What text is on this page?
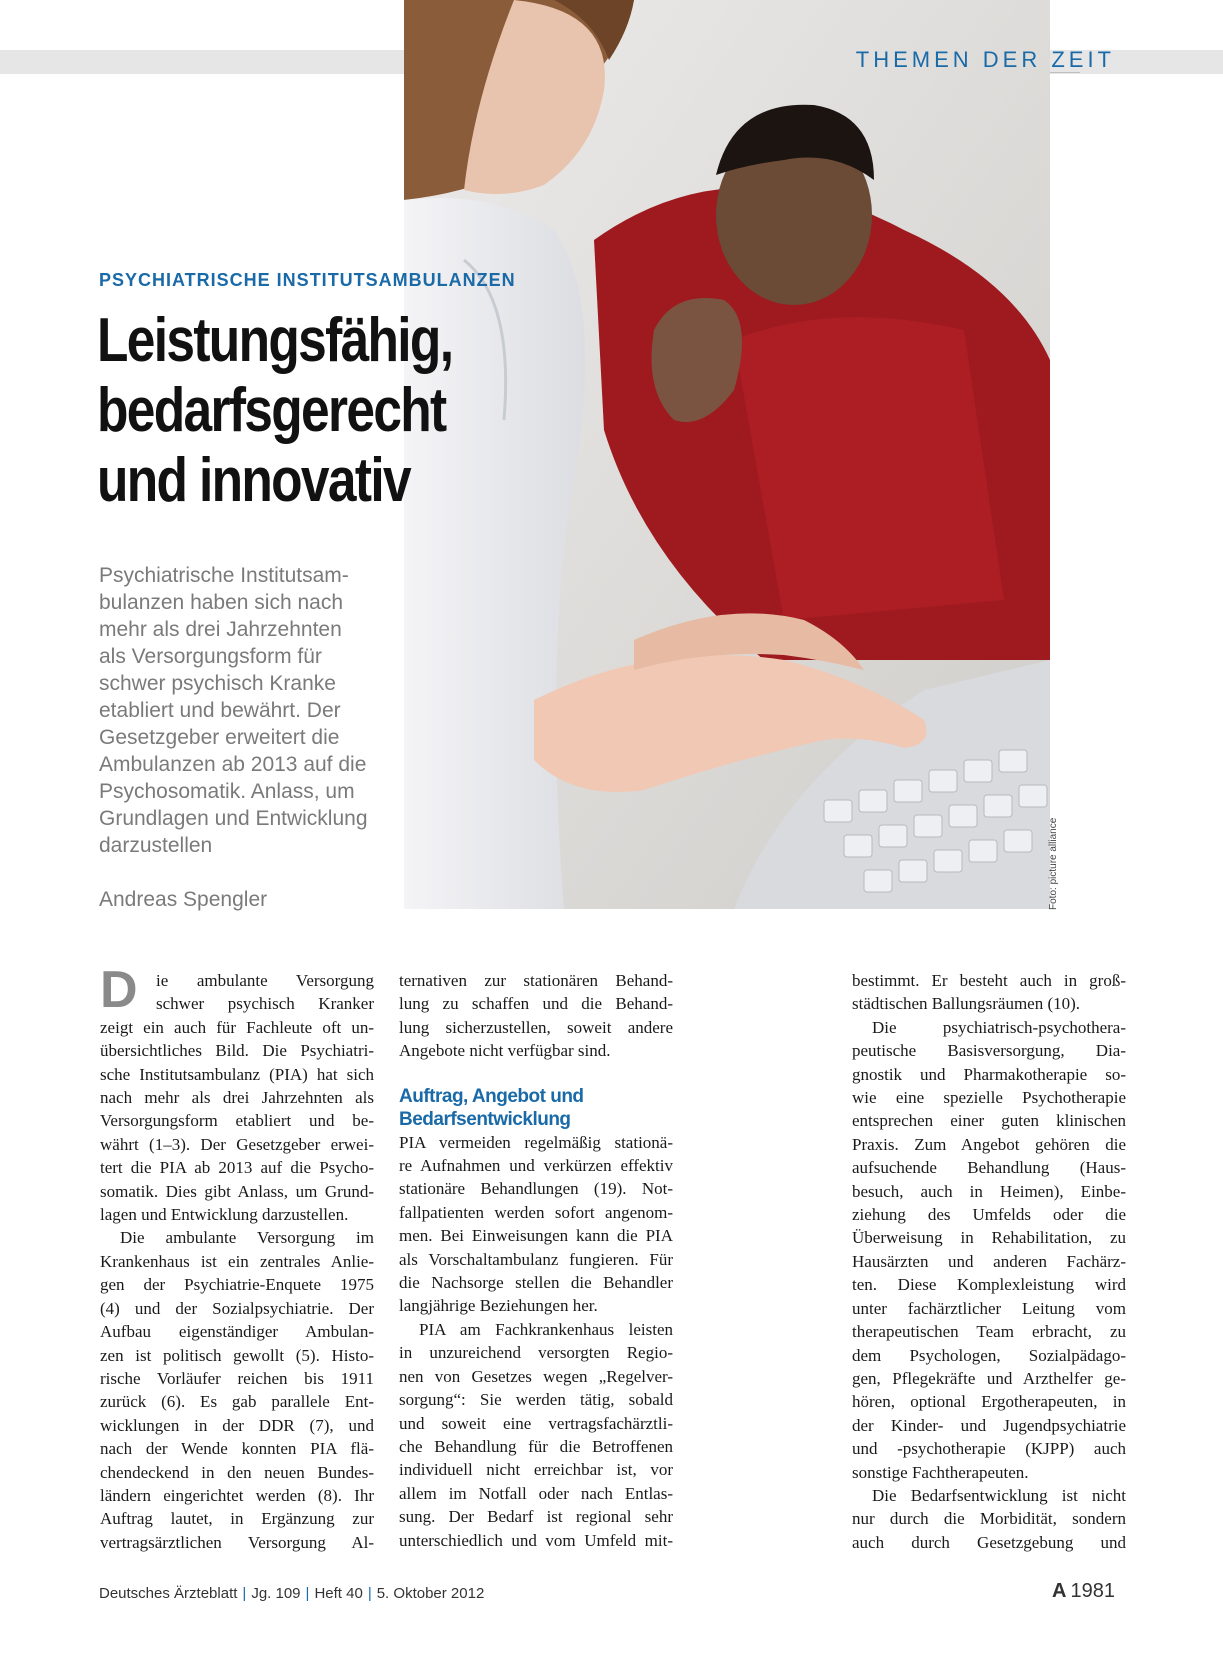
Foto: picture alliance
THEMEN DER ZEIT
PSYCHIATRISCHE INSTITUTSAMBULANZEN
Leistungsfähig,
bedarfsgerecht
und innovativ
Psychiatrische Institutsam-
bulanzen haben sich nach
mehr als drei Jahrzehnten
als Versorgungsform für
schwer psychisch Kranke
etabliert und bewährt. Der
Gesetzgeber erweitert die
Ambulanzen ab 2013 auf die
Psychosomatik. Anlass, um
Grundlagen und Entwicklung
darzustellen
Andreas Spengler
D	ie ambulante Versorgung
schwer psychisch Kranker
zeigt ein auch für Fachleute oft un-
übersichtliches Bild. Die Psychiatri-
sche Institutsambulanz (PIA) hat sich
nach mehr als drei Jahrzehnten als
Versorgungsform etabliert und be-
währt (1–3). Der Gesetzgeber erwei-
tert die PIA ab 2013 auf die Psycho-
somatik. Dies gibt Anlass, um Grund-
lagen und Entwicklung darzustellen.
Die ambulante Versorgung im
Krankenhaus ist ein zentrales Anlie-
gen der Psychiatrie-Enquete 1975
(4) und der Sozialpsychiatrie. Der
Aufbau eigenständiger Ambulan-
zen ist politisch gewollt (5). Histo-
rische Vorläufer reichen bis 1911
zurück (6). Es gab parallele Ent-
wicklungen in der DDR (7), und
nach der Wende konnten PIA flä-
chendeckend in den neuen Bundes-
ländern eingerichtet werden (8). Ihr
Auftrag lautet, in Ergänzung zur
vertragsärztlichen Versorgung Al-
ternativen zur stationären Behand-
lung zu schaffen und die Behand-
lung sicherzustellen, soweit andere
Angebote nicht verfügbar sind.
Auftrag, Angebot und
Bedarfsentwicklung
PIA vermeiden regelmäßig stationä-
re Aufnahmen und verkürzen effektiv
stationäre Behandlungen (19). Not-
fallpatienten werden sofort angenom-
men. Bei Einweisungen kann die PIA
als Vorschaltambulanz fungieren. Für
die Nachsorge stellen die Behandler
langjährige Beziehungen her.
PIA am Fachkrankenhaus leisten
in unzureichend versorgten Regio-
nen von Gesetzes wegen „Regelver-
sorgung“: Sie werden tätig, sobald
und soweit eine vertragsfachärztli-
che Behandlung für die Betroffenen
individuell nicht erreichbar ist, vor
allem im Notfall oder nach Entlas-
sung. Der Bedarf ist regional sehr
unterschiedlich und vom Umfeld mit-
bestimmt. Er besteht auch in groß-
städtischen Ballungsräumen (10).
Die psychiatrisch-psychothera-
peutische Basisversorgung, Dia-
gnostik und Pharmakotherapie so-
wie eine spezielle Psychotherapie
entsprechen einer guten klinischen
Praxis. Zum Angebot gehören die
aufsuchende Behandlung (Haus-
besuch, auch in Heimen), Einbe-
ziehung des Umfelds oder die
Überweisung in Rehabilitation, zu
Hausärzten und anderen Fachärz-
ten. Diese Komplexleistung wird
unter fachärztlicher Leitung vom
therapeutischen Team erbracht, zu
dem Psychologen, Sozialpädago-
gen, Pflegekräfte und Arzthelfer ge-
hören, optional Ergotherapeuten, in
der Kinder- und Jugendpsychiatrie
und -psychotherapie (KJPP) auch
sonstige Fachtherapeuten.
Die Bedarfsentwicklung ist nicht
nur durch die Morbidität, sondern
auch durch Gesetzgebung und
Deutsches Ärzteblatt | Jg. 109 | Heft 40 | 5. Oktober 2012	A 1981
